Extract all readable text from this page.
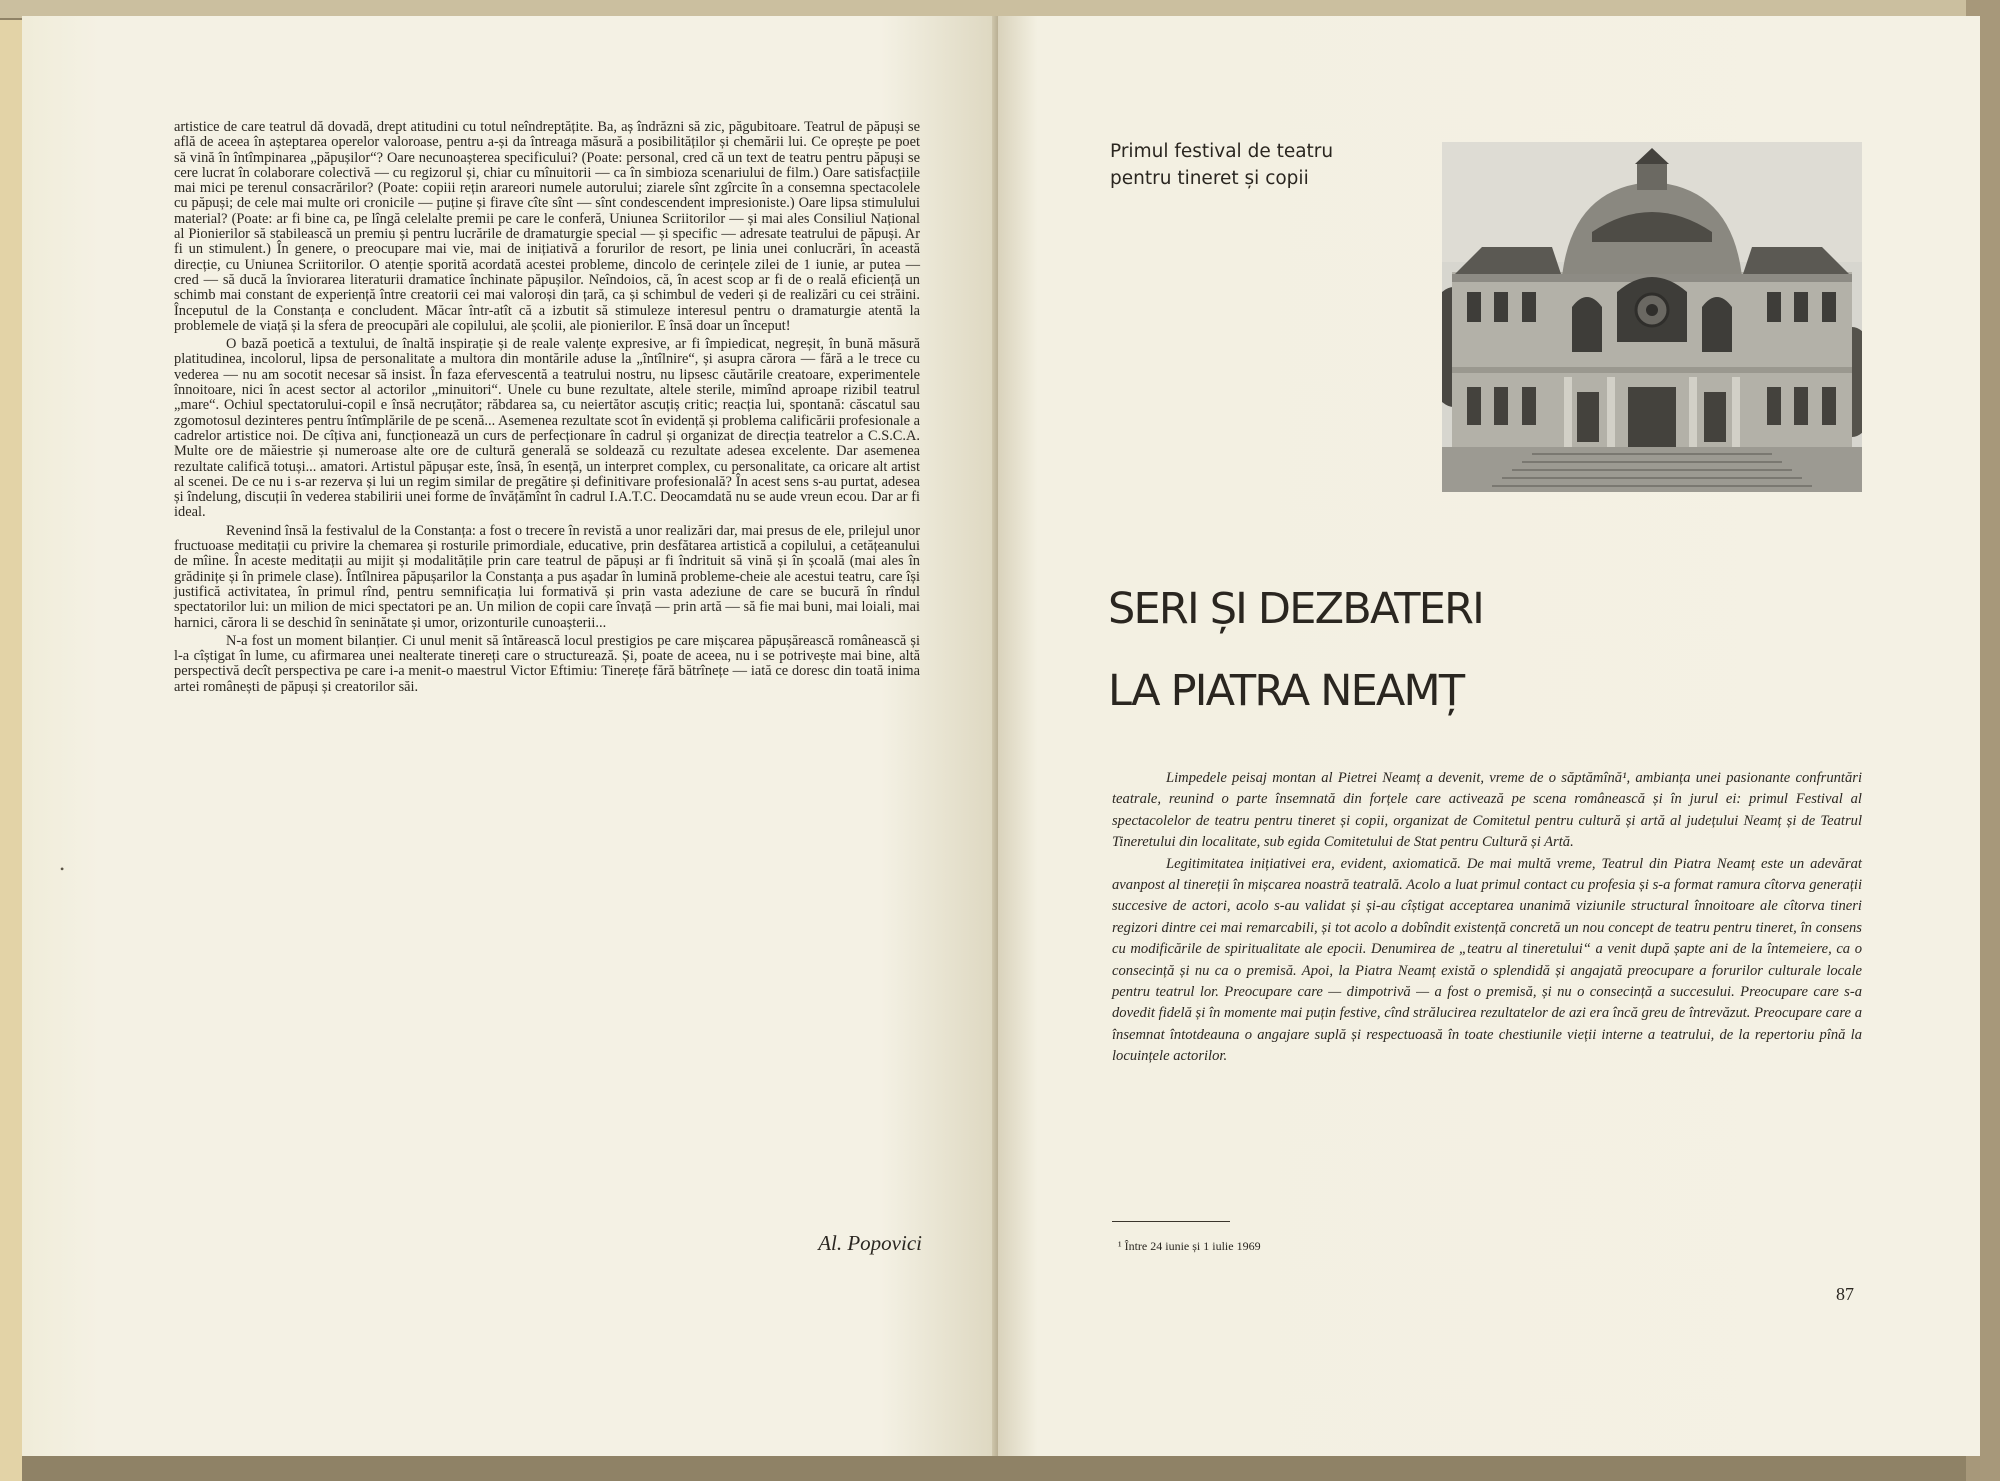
artistice de care teatrul dă dovadă, drept atitudini cu totul neîndreptățite. Ba, aș îndrăzni să zic, păgubitoare. Teatrul de păpuși se află de aceea în așteptarea operelor valoroase, pentru a-și da întreaga măsură a posibilităților și chemării lui. Ce oprește pe poet să vină în întîmpinarea „păpușilor“? Oare necunoașterea specificului? (Poate: personal, cred că un text de teatru pentru păpuși se cere lucrat în colaborare colectivă — cu regizorul și, chiar cu mînuitorii — ca în simbioza scenariului de film.) Oare satisfacțiile mai mici pe terenul consacrărilor? (Poate: copiii rețin arareori numele autorului; ziarele sînt zgîrcite în a consemna spectacolele cu păpuși; de cele mai multe ori cronicile — puține și firave cîte sînt — sînt condescendent impresioniste.) Oare lipsa stimulului material? (Poate: ar fi bine ca, pe lîngă celelalte premii pe care le conferă, Uniunea Scriitorilor — și mai ales Consiliul Național al Pionierilor să stabilească un premiu și pentru lucrările de dramaturgie special — și specific — adresate teatrului de păpuși. Ar fi un stimulent.) În genere, o preocupare mai vie, mai de inițiativă a forurilor de resort, pe linia unei conlucrări, în această direcție, cu Uniunea Scriitorilor. O atenție sporită acordată acestei probleme, dincolo de cerințele zilei de 1 iunie, ar putea — cred — să ducă la înviorarea literaturii dramatice închinate păpușilor. Neîndoios, că, în acest scop ar fi de o reală eficiență un schimb mai constant de experiență între creatorii cei mai valoroși din țară, ca și schimbul de vederi și de realizări cu cei străini. Începutul de la Constanța e concludent. Măcar într-atît că a izbutit să stimuleze interesul pentru o dramaturgie atentă la problemele de viață și la sfera de preocupări ale copilului, ale școlii, ale pionierilor. E însă doar un început!

O bază poetică a textului, de înaltă inspirație și de reale valențe expresive, ar fi împiedicat, negreșit, în bună măsură platitudinea, incolorul, lipsa de personalitate a multora din montările aduse la „întîlnire“, și asupra cărora — fără a le trece cu vederea — nu am socotit necesar să insist. În faza efervescentă a teatrului nostru, nu lipsesc căutările creatoare, experimentele înnoitoare, nici în acest sector al actorilor „minuitori“. Unele cu bune rezultate, altele sterile, mimînd aproape rizibil teatrul „mare“. Ochiul spectatorului-copil e însă necruțător; răbdarea sa, cu neiertător ascuțiș critic; reacția lui, spontană: căscatul sau zgomotosul dezinteres pentru întîmplările de pe scenă... Asemenea rezultate scot în evidență și problema calificării profesionale a cadrelor artistice noi. De cîțiva ani, funcționează un curs de perfecționare în cadrul și organizat de direcția teatrelor a C.S.C.A. Multe ore de măiestrie și numeroase alte ore de cultură generală se soldează cu rezultate adesea excelente. Dar asemenea rezultate califică totuși... amatori. Artistul păpușar este, însă, în esență, un interpret complex, cu personalitate, ca oricare alt artist al scenei. De ce nu i s-ar rezerva și lui un regim similar de pregătire și definitivare profesională? În acest sens s-au purtat, adesea și îndelung, discuții în vederea stabilirii unei forme de învățămînt în cadrul I.A.T.C. Deocamdată nu se aude vreun ecou. Dar ar fi ideal.

Revenind însă la festivalul de la Constanța: a fost o trecere în revistă a unor realizări dar, mai presus de ele, prilejul unor fructuoase meditații cu privire la chemarea și rosturile primordiale, educative, prin desfătarea artistică a copilului, a cetățeanului de mîine. În aceste meditații au mijit și modalitățile prin care teatrul de păpuși ar fi îndrituit să vină și în școală (mai ales în grădinițe și în primele clase). Întîlnirea păpușarilor la Constanța a pus așadar în lumină probleme-cheie ale acestui teatru, care își justifică activitatea, în primul rînd, pentru semnificația lui formativă și prin vasta adeziune de care se bucură în rîndul spectatorilor lui: un milion de mici spectatori pe an. Un milion de copii care învață — prin artă — să fie mai buni, mai loiali, mai harnici, cărora li se deschid în seninătate și umor, orizonturile cunoașterii...

N-a fost un moment bilanțier. Ci unul menit să întărească locul prestigios pe care mișcarea păpușărească românească și l-a cîștigat în lume, cu afirmarea unei nealterate tinereți care o structurează. Și, poate de aceea, nu i se potrivește mai bine, altă perspectivă decît perspectiva pe care i-a menit-o maestrul Victor Eftimiu: Tinerețe fără bătrînețe — iată ce doresc din toată inima artei românești de păpuși și creatorilor săi.

Al. Popovici
•
Primul festival de teatru
pentru tineret și copii
SERI ȘI DEZBATERI
LA PIATRA NEAMȚ

Limpedele peisaj montan al Pietrei Neamț a devenit, vreme de o săptămînă¹, ambianța unei pasionante confruntări teatrale, reunind o parte însemnată din forțele care activează pe scena românească și în jurul ei: primul Festival al spectacolelor de teatru pentru tineret și copii, organizat de Comitetul pentru cultură și artă al județului Neamț și de Teatrul Tineretului din localitate, sub egida Comitetului de Stat pentru Cultură și Artă.

Legitimitatea inițiativei era, evident, axiomatică. De mai multă vreme, Teatrul din Piatra Neamț este un adevărat avanpost al tinereții în mișcarea noastră teatrală. Acolo a luat primul contact cu profesia și s-a format ramura cîtorva generații succesive de actori, acolo s-au validat și și-au cîștigat acceptarea unanimă viziunile structural înnoitoare ale cîtorva tineri regizori dintre cei mai remarcabili, și tot acolo a dobîndit existență concretă un nou concept de teatru pentru tineret, în consens cu modificările de spiritualitate ale epocii. Denumirea de „teatru al tineretului“ a venit după șapte ani de la întemeiere, ca o consecință și nu ca o premisă. Apoi, la Piatra Neamț există o splendidă și angajată preocupare a forurilor culturale locale pentru teatrul lor. Preocupare care — dimpotrivă — a fost o premisă, și nu o consecință a succesului. Preocupare care s-a dovedit fidelă și în momente mai puțin festive, cînd strălucirea rezultatelor de azi era încă greu de întrevăzut. Preocupare care a însemnat întotdeauna o angajare suplă și respectuoasă în toate chestiunile vieții interne a teatrului, de la repertoriu pînă la locuințele actorilor.

¹ Între 24 iunie și 1 iulie 1969
87
